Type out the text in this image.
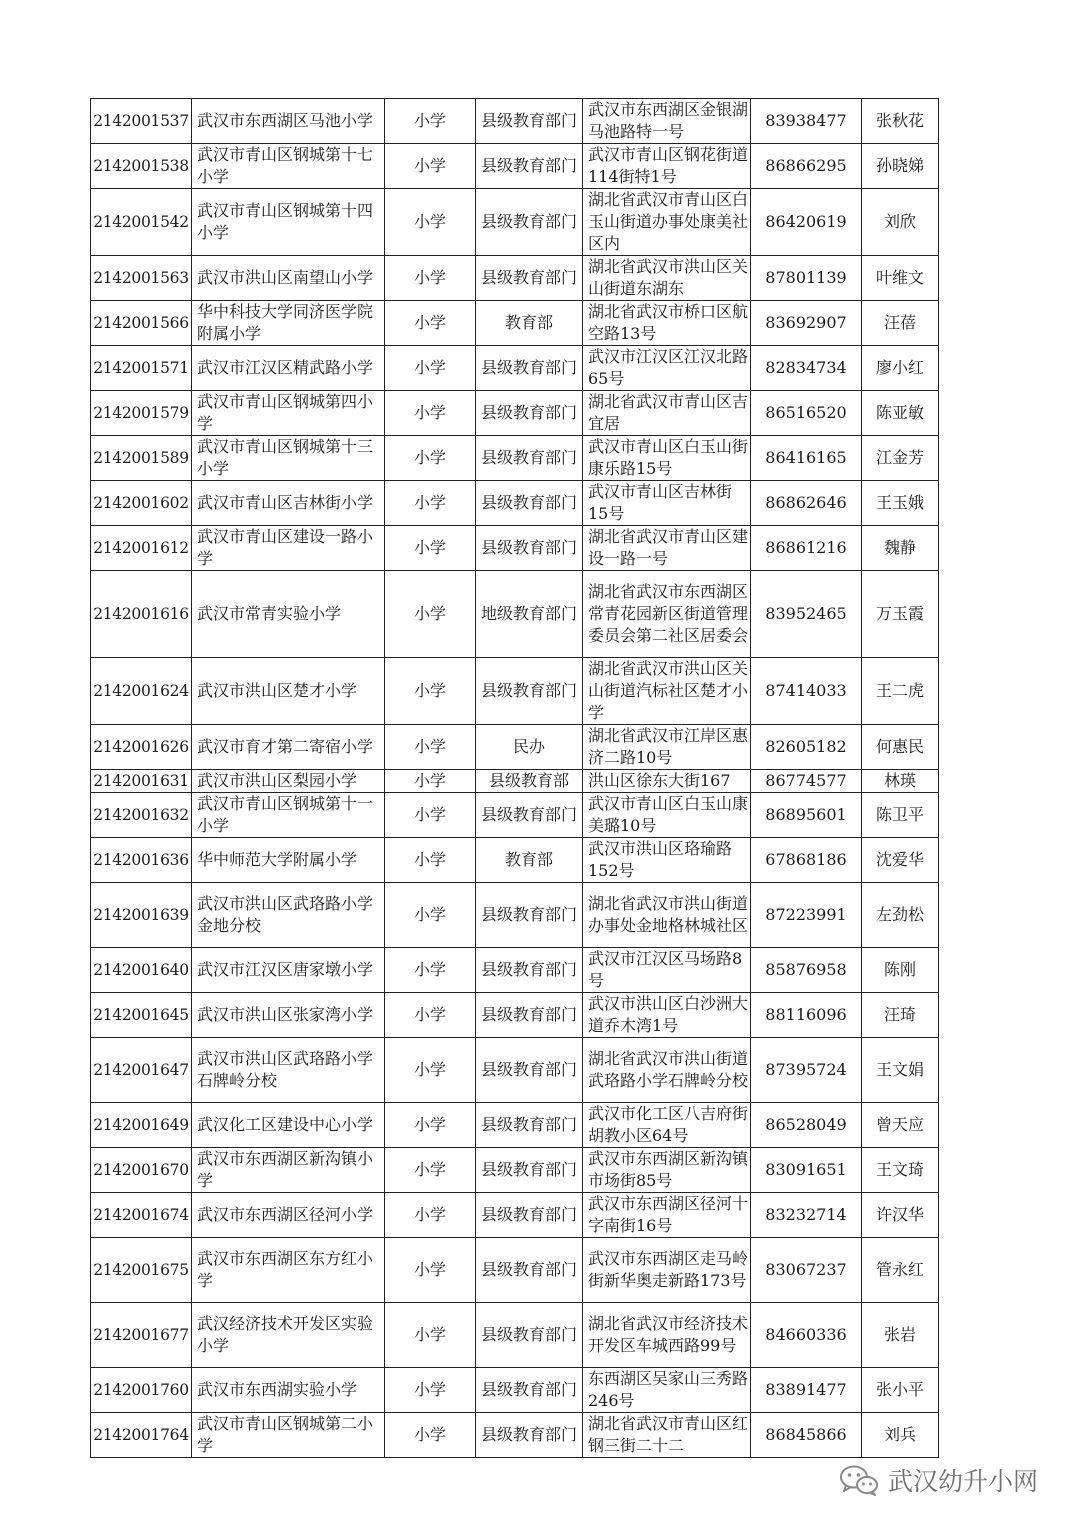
2142001537	武汉市东西湖区马池小学	小学	县级教育部门	武汉市东西湖区金银湖马池路特一号	83938477	张秋花
2142001538	武汉市青山区钢城第十七小学	小学	县级教育部门	武汉市青山区钢花街道114街特1号	86866295	孙晓娣
2142001542	武汉市青山区钢城第十四小学	小学	县级教育部门	湖北省武汉市青山区白玉山街道办事处康美社区内	86420619	刘欣
2142001563	武汉市洪山区南望山小学	小学	县级教育部门	湖北省武汉市洪山区关山街道东湖东	87801139	叶维文
2142001566	华中科技大学同济医学院附属小学	小学	教育部	湖北省武汉市桥口区航空路13号	83692907	汪蓓
2142001571	武汉市江汉区精武路小学	小学	县级教育部门	武汉市江汉区江汉北路65号	82834734	廖小红
2142001579	武汉市青山区钢城第四小学	小学	县级教育部门	湖北省武汉市青山区吉宜居	86516520	陈亚敏
2142001589	武汉市青山区钢城第十三小学	小学	县级教育部门	武汉市青山区白玉山街康乐路15号	86416165	江金芳
2142001602	武汉市青山区吉林街小学	小学	县级教育部门	武汉市青山区吉林街15号	86862646	王玉娥
2142001612	武汉市青山区建设一路小学	小学	县级教育部门	湖北省武汉市青山区建设一路一号	86861216	魏静
2142001616	武汉市常青实验小学	小学	地级教育部门	湖北省武汉市东西湖区常青花园新区街道管理委员会第二社区居委会	83952465	万玉霞
2142001624	武汉市洪山区楚才小学	小学	县级教育部门	湖北省武汉市洪山区关山街道汽标社区楚才小学	87414033	王二虎
2142001626	武汉市育才第二寄宿小学	小学	民办	湖北省武汉市江岸区惠济二路10号	82605182	何惠民
2142001631	武汉市洪山区梨园小学	小学	县级教育部	洪山区徐东大街167	86774577	林瑛
2142001632	武汉市青山区钢城第十一小学	小学	县级教育部门	武汉市青山区白玉山康美璐10号	86895601	陈卫平
2142001636	华中师范大学附属小学	小学	教育部	武汉市洪山区珞瑜路152号	67868186	沈爱华
2142001639	武汉市洪山区武珞路小学金地分校	小学	县级教育部门	湖北省武汉市洪山街道办事处金地格林城社区	87223991	左劲松
2142001640	武汉市江汉区唐家墩小学	小学	县级教育部门	武汉市江汉区马场路8号	85876958	陈刚
2142001645	武汉市洪山区张家湾小学	小学	县级教育部门	武汉市洪山区白沙洲大道乔木湾1号	88116096	汪琦
2142001647	武汉市洪山区武珞路小学石牌岭分校	小学	县级教育部门	湖北省武汉市洪山街道武珞路小学石牌岭分校	87395724	王文娟
2142001649	武汉化工区建设中心小学	小学	县级教育部门	武汉市化工区八吉府街胡教小区64号	86528049	曾天应
2142001670	武汉市东西湖区新沟镇小学	小学	县级教育部门	武汉市东西湖区新沟镇市场街85号	83091651	王文琦
2142001674	武汉市东西湖区径河小学	小学	县级教育部门	武汉市东西湖区径河十字南街16号	83232714	许汉华
2142001675	武汉市东西湖区东方红小学	小学	县级教育部门	武汉市东西湖区走马岭街新华奥走新路173号	83067237	管永红
2142001677	武汉经济技术开发区实验小学	小学	县级教育部门	湖北省武汉市经济技术开发区车城西路99号	84660336	张岩
2142001760	武汉市东西湖实验小学	小学	县级教育部门	东西湖区吴家山三秀路246号	83891477	张小平
2142001764	武汉市青山区钢城第二小学	小学	县级教育部门	湖北省武汉市青山区红钢三街二十二	86845866	刘兵
武汉幼升小网
